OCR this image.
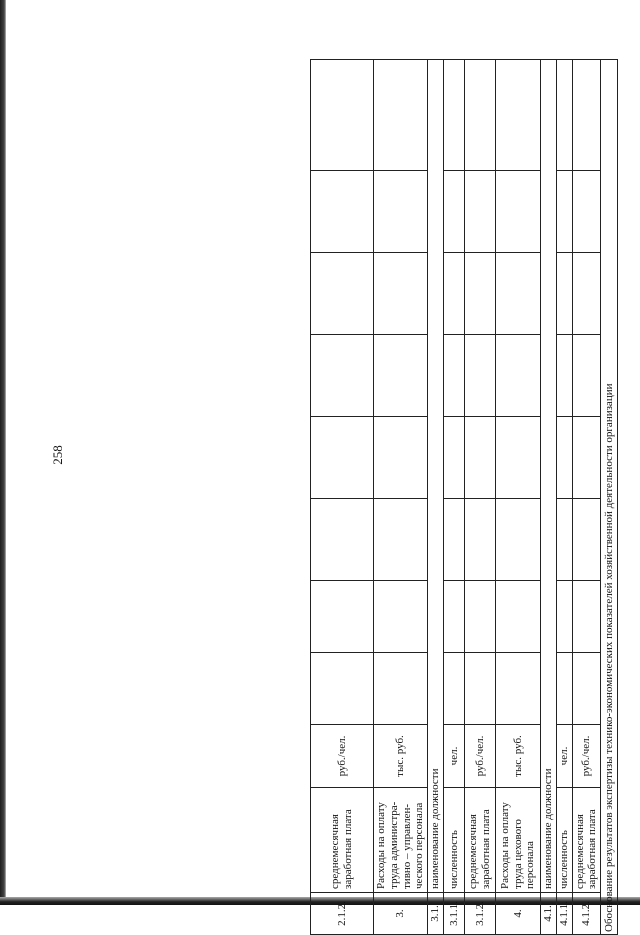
258
2.1.2.	среднемесячная заработная плата	руб./чел.								
3.	Расходы на оплату труда администра-тивно – управлен-ческого персонала	тыс. руб.								
3.1.	наименование должности									
3.1.1.	численность	чел.								
3.1.2.	среднемесячная заработная плата	руб./чел.								
4.	Расходы на оплату труда цехового персонала	тыс. руб.								
4.1.	наименование должности									
4.1.1.	численность	чел.								
4.1.2.	среднемесячная заработная плата	руб./чел.								
Обоснование результатов экспертизы технико-экономических показателей хозяйственной деятельности организации										
